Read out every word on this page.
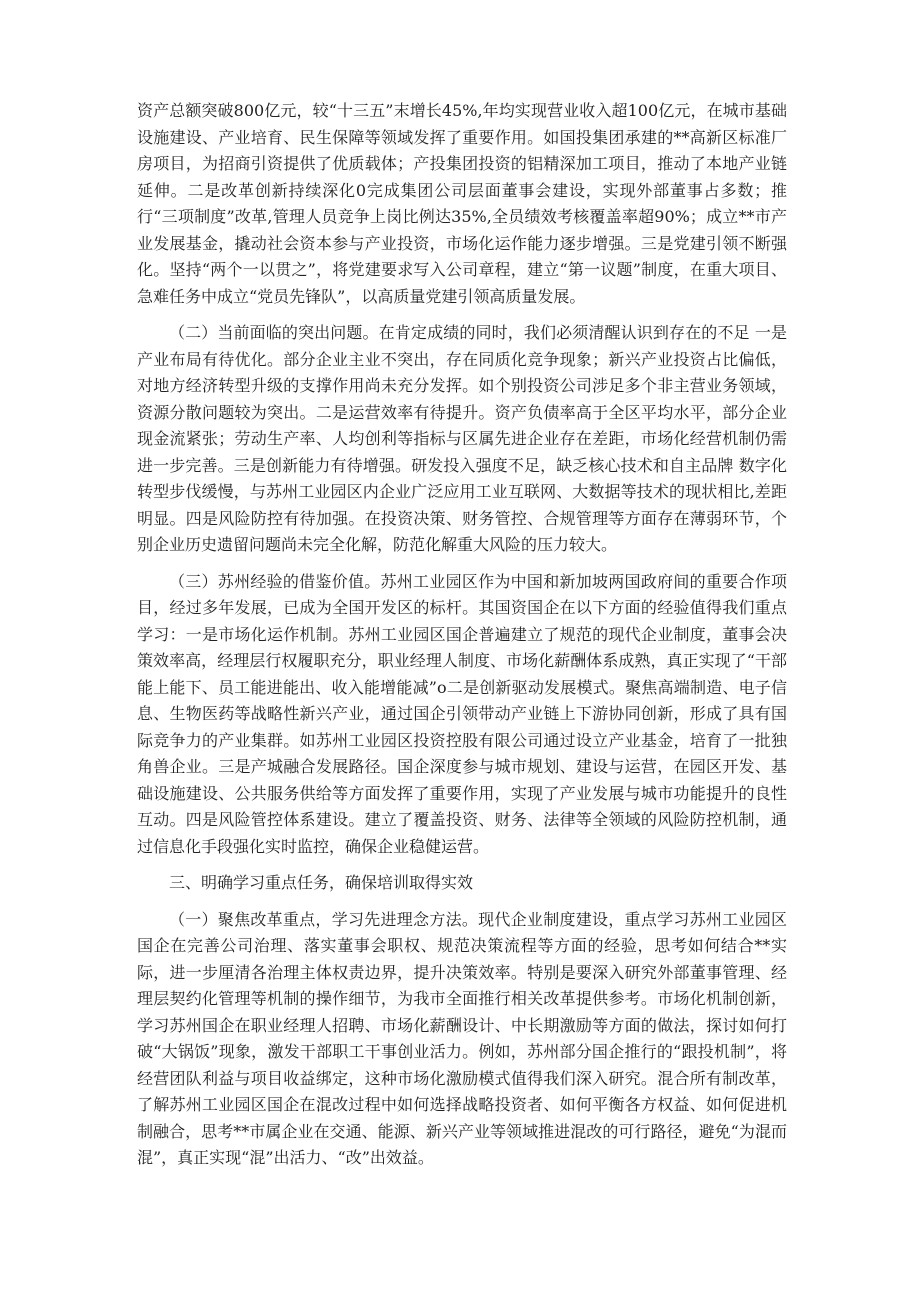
资产总额突破800亿元，较“十三五”末增长45%,年均实现营业收入超100亿元，在城市基础设施建设、产业培育、民生保障等领域发挥了重要作用。如国投集团承建的**高新区标准厂房项目，为招商引资提供了优质载体；产投集团投资的铝精深加工项目，推动了本地产业链延伸。二是改革创新持续深化0完成集团公司层面董事会建设，实现外部董事占多数；推行“三项制度”改革,管理人员竞争上岗比例达35%,全员绩效考核覆盖率超90%；成立**市产业发展基金，撬动社会资本参与产业投资，市场化运作能力逐步增强。三是党建引领不断强化。坚持“两个一以贯之”，将党建要求写入公司章程，建立“第一议题”制度，在重大项目、急难任务中成立“党员先锋队”，以高质量党建引领高质量发展。

（二）当前面临的突出问题。在肯定成绩的同时，我们必须清醒认识到存在的不足 一是产业布局有待优化。部分企业主业不突出，存在同质化竞争现象；新兴产业投资占比偏低，对地方经济转型升级的支撑作用尚未充分发挥。如个别投资公司涉足多个非主营业务领域，资源分散问题较为突出。二是运营效率有待提升。资产负债率高于全区平均水平，部分企业现金流紧张；劳动生产率、人均创利等指标与区属先进企业存在差距，市场化经营机制仍需进一步完善。三是创新能力有待增强。研发投入强度不足，缺乏核心技术和自主品牌 数字化转型步伐缓慢，与苏州工业园区内企业广泛应用工业互联网、大数据等技术的现状相比,差距明显。四是风险防控有待加强。在投资决策、财务管控、合规管理等方面存在薄弱环节，个别企业历史遗留问题尚未完全化解，防范化解重大风险的压力较大。

（三）苏州经验的借鉴价值。苏州工业园区作为中国和新加坡两国政府间的重要合作项目，经过多年发展，已成为全国开发区的标杆。其国资国企在以下方面的经验值得我们重点学习：一是市场化运作机制。苏州工业园区国企普遍建立了规范的现代企业制度，董事会决策效率高，经理层行权履职充分，职业经理人制度、市场化薪酬体系成熟，真正实现了“干部能上能下、员工能进能出、收入能增能减”o二是创新驱动发展模式。聚焦高端制造、电子信息、生物医药等战略性新兴产业，通过国企引领带动产业链上下游协同创新，形成了具有国际竞争力的产业集群。如苏州工业园区投资控股有限公司通过设立产业基金，培育了一批独角兽企业。三是产城融合发展路径。国企深度参与城市规划、建设与运营，在园区开发、基础设施建设、公共服务供给等方面发挥了重要作用，实现了产业发展与城市功能提升的良性互动。四是风险管控体系建设。建立了覆盖投资、财务、法律等全领域的风险防控机制，通过信息化手段强化实时监控，确保企业稳健运营。

三、明确学习重点任务，确保培训取得实效

（一）聚焦改革重点，学习先进理念方法。现代企业制度建设，重点学习苏州工业园区国企在完善公司治理、落实董事会职权、规范决策流程等方面的经验，思考如何结合**实际，进一步厘清各治理主体权责边界，提升决策效率。特别是要深入研究外部董事管理、经理层契约化管理等机制的操作细节，为我市全面推行相关改革提供参考。市场化机制创新，学习苏州国企在职业经理人招聘、市场化薪酬设计、中长期激励等方面的做法，探讨如何打破“大锅饭”现象，激发干部职工干事创业活力。例如，苏州部分国企推行的“跟投机制”，将经营团队利益与项目收益绑定，这种市场化激励模式值得我们深入研究。混合所有制改革，了解苏州工业园区国企在混改过程中如何选择战略投资者、如何平衡各方权益、如何促进机制融合，思考**市属企业在交通、能源、新兴产业等领域推进混改的可行路径，避免“为混而混”，真正实现“混”出活力、“改”出效益。
